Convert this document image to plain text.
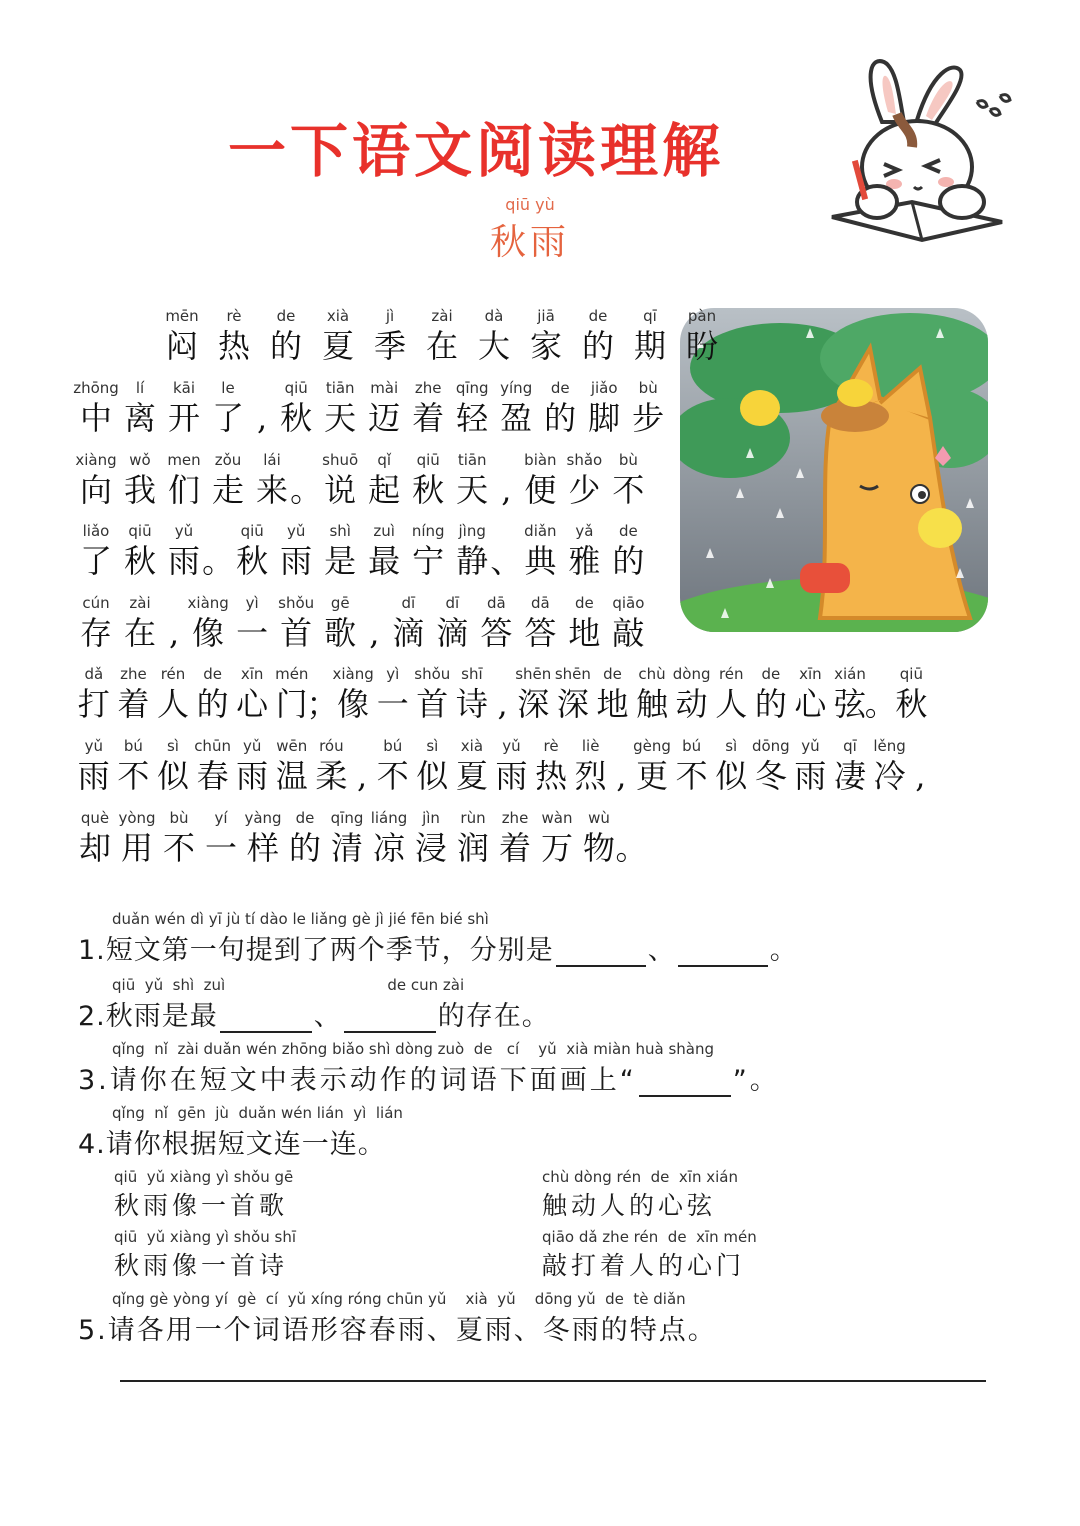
一下语文阅读理解
qiū yù
秋雨
mēn
闷
rè
热
de
的
xià
夏
jì
季
zài
在
dà
大
jiā
家
de
的
qī
期
pàn
盼
zhōng
中
lí
离
kāi
开
le
了 ,
qiū
秋
tiān
天
mài
迈
zhe
着
qīng
轻
yíng
盈
de
的
jiǎo
脚
bù
步
xiàng
向
wǒ
我
men
们
zǒu
走
lái
来 。
shuō
说
qǐ
起
qiū
秋
tiān
天 ,
biàn
便
shǎo
少
bù
不
liǎo
了
qiū
秋
yǔ
雨 。
qiū
秋
yǔ
雨
shì
是
zuì
最
níng
宁
jìng
静 、
diǎn
典
yǎ
雅
de
的
cún
存
zài
在 ,
xiàng
像
yì
一
shǒu
首
gē
歌 ,
dī
滴
dī
滴
dā
答
dā
答
de
地
qiāo
敲
dǎ
打
zhe
着
rén
人
de
的
xīn
心
mén
门
；
xiàng
像
yì
一
shǒu
首
shī
诗 ,
shēn
深
shēn
深
de
地
chù
触
dòng
动
rén
人
de
的
xīn
心
xián
弦
。
qiū
秋
yǔ
雨
bú
不
sì
似
chūn
春
yǔ
雨
wēn
温
róu
柔 ,
bú
不
sì
似
xià
夏
yǔ
雨
rè
热
liè
烈 ,
gèng
更
bú
不
sì
似
dōng
冬
yǔ
雨
qī
凄
lěng
冷 ,
què
却
yòng
用
bù
不
yí
一
yàng
样
de
的
qīng
清
liáng
凉
jìn
浸
rùn
润
zhe
着
wàn
万
wù
物 。
duǎn wén dì yī jù tí dào le liǎng gè jì jié fēn bié shì
1.短文第一句提到了两个季节，分别是	、	。
qiū  yǔ  shì  zuì                                  de cun zài
2.秋雨是最	、	的存在。
qǐng  nǐ  zài duǎn wén zhōng biǎo shì dòng zuò  de   cí    yǔ  xià miàn huà shàng
3.请你在短文中表示动作的词语下面画上“	”。
qǐng  nǐ  gēn  jù  duǎn wén lián  yì  lián
4.请你根据短文连一连。
qiū  yǔ xiàng yì shǒu gē
秋雨像一首歌
qiū  yǔ xiàng yì shǒu shī
秋雨像一首诗
chù dòng rén  de  xīn xián
触动人的心弦
qiāo dǎ zhe rén  de  xīn mén
敲打着人的心门
qǐng gè yòng yí  gè  cí  yǔ xíng róng chūn yǔ    xià  yǔ    dōng yǔ  de  tè diǎn
5.请各用一个词语形容春雨、夏雨、冬雨的特点。
